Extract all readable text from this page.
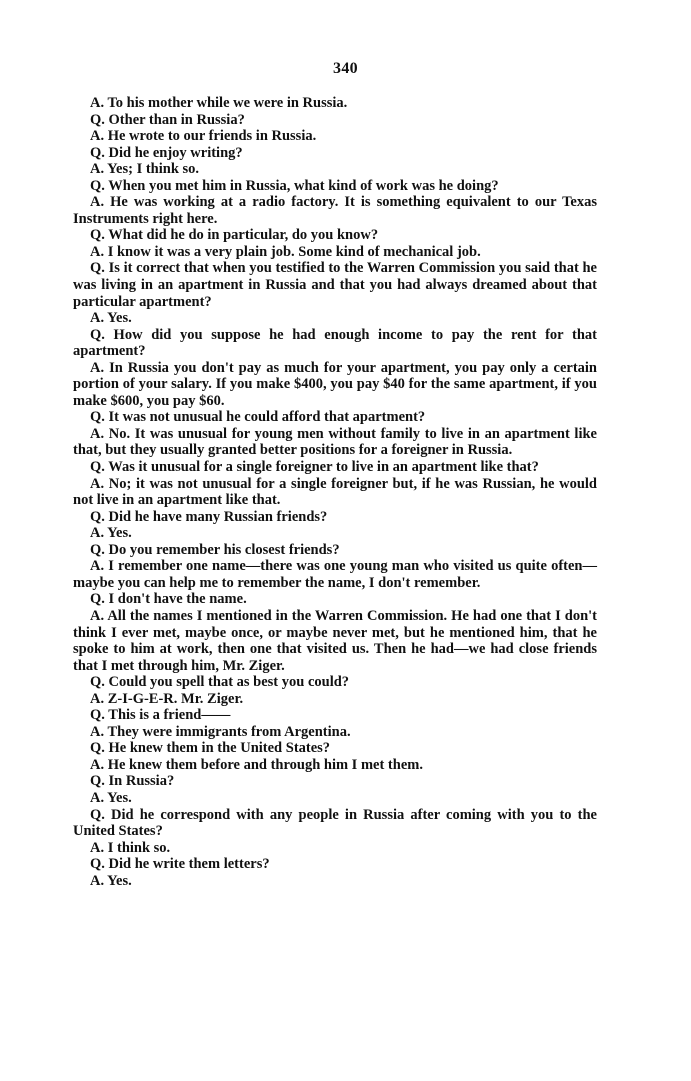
340

A. To his mother while we were in Russia.

Q. Other than in Russia?

A. He wrote to our friends in Russia.

Q. Did he enjoy writing?

A. Yes; I think so.

Q. When you met him in Russia, what kind of work was he doing?

A. He was working at a radio factory. It is something equivalent to our Texas Instruments right here.

Q. What did he do in particular, do you know?

A. I know it was a very plain job. Some kind of mechanical job.

Q. Is it correct that when you testified to the Warren Commission you said that he was living in an apartment in Russia and that you had always dreamed about that particular apartment?

A. Yes.

Q. How did you suppose he had enough income to pay the rent for that apartment?

A. In Russia you don't pay as much for your apartment, you pay only a certain portion of your salary. If you make $400, you pay $40 for the same apartment, if you make $600, you pay $60.

Q. It was not unusual he could afford that apartment?

A. No. It was unusual for young men without family to live in an apartment like that, but they usually granted better positions for a foreigner in Russia.

Q. Was it unusual for a single foreigner to live in an apartment like that?

A. No; it was not unusual for a single foreigner but, if he was Russian, he would not live in an apartment like that.

Q. Did he have many Russian friends?

A. Yes.

Q. Do you remember his closest friends?

A. I remember one name—there was one young man who visited us quite often—maybe you can help me to remember the name, I don't remember.

Q. I don't have the name.

A. All the names I mentioned in the Warren Commission. He had one that I don't think I ever met, maybe once, or maybe never met, but he mentioned him, that he spoke to him at work, then one that visited us. Then he had—we had close friends that I met through him, Mr. Ziger.

Q. Could you spell that as best you could?

A. Z-I-G-E-R. Mr. Ziger.

Q. This is a friend——

A. They were immigrants from Argentina.

Q. He knew them in the United States?

A. He knew them before and through him I met them.

Q. In Russia?

A. Yes.

Q. Did he correspond with any people in Russia after coming with you to the United States?

A. I think so.

Q. Did he write them letters?

A. Yes.
